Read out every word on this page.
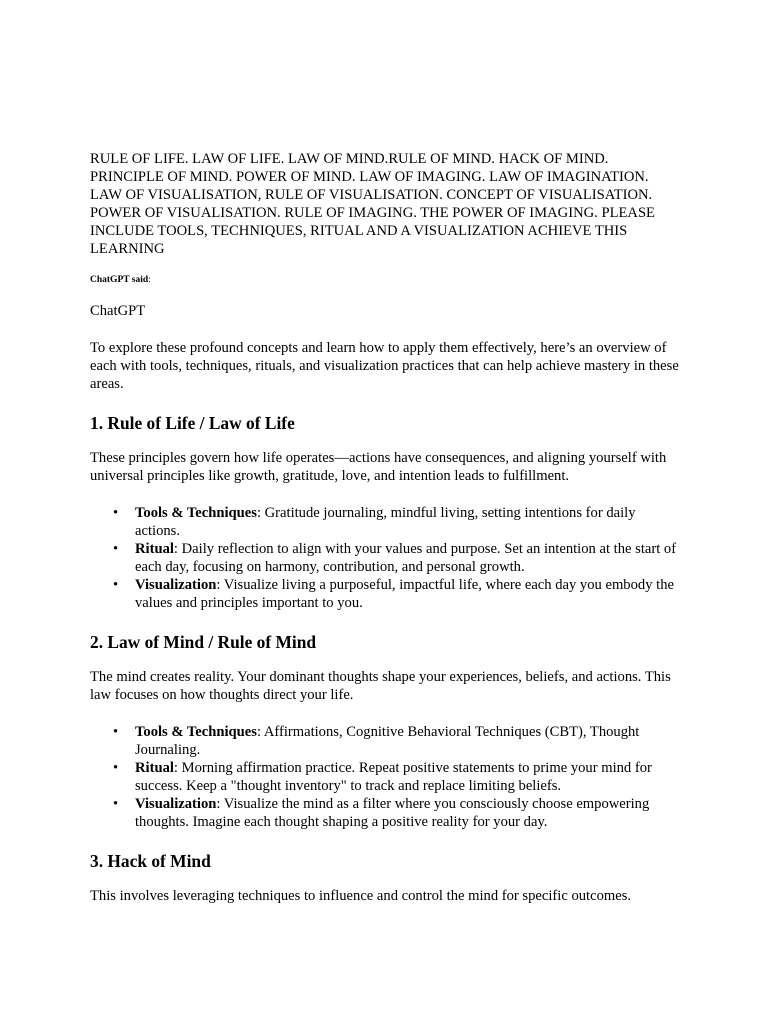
RULE OF LIFE. LAW OF LIFE. LAW OF MIND.RULE OF MIND. HACK OF MIND. PRINCIPLE OF MIND. POWER OF MIND. LAW OF IMAGING. LAW OF IMAGINATION. LAW OF VISUALISATION, RULE OF VISUALISATION. CONCEPT OF VISUALISATION. POWER OF VISUALISATION. RULE OF IMAGING. THE POWER OF IMAGING. PLEASE INCLUDE TOOLS, TECHNIQUES, RITUAL AND A VISUALIZATION ACHIEVE THIS LEARNING

ChatGPT said:

ChatGPT

To explore these profound concepts and learn how to apply them effectively, here’s an overview of each with tools, techniques, rituals, and visualization practices that can help achieve mastery in these areas.

1. Rule of Life / Law of Life

These principles govern how life operates—actions have consequences, and aligning yourself with universal principles like growth, gratitude, love, and intention leads to fulfillment.

• Tools & Techniques: Gratitude journaling, mindful living, setting intentions for daily actions.
• Ritual: Daily reflection to align with your values and purpose. Set an intention at the start of each day, focusing on harmony, contribution, and personal growth.
• Visualization: Visualize living a purposeful, impactful life, where each day you embody the values and principles important to you.
2. Law of Mind / Rule of Mind

The mind creates reality. Your dominant thoughts shape your experiences, beliefs, and actions. This law focuses on how thoughts direct your life.

• Tools & Techniques: Affirmations, Cognitive Behavioral Techniques (CBT), Thought Journaling.
• Ritual: Morning affirmation practice. Repeat positive statements to prime your mind for success. Keep a "thought inventory" to track and replace limiting beliefs.
• Visualization: Visualize the mind as a filter where you consciously choose empowering thoughts. Imagine each thought shaping a positive reality for your day.
3. Hack of Mind

This involves leveraging techniques to influence and control the mind for specific outcomes.
